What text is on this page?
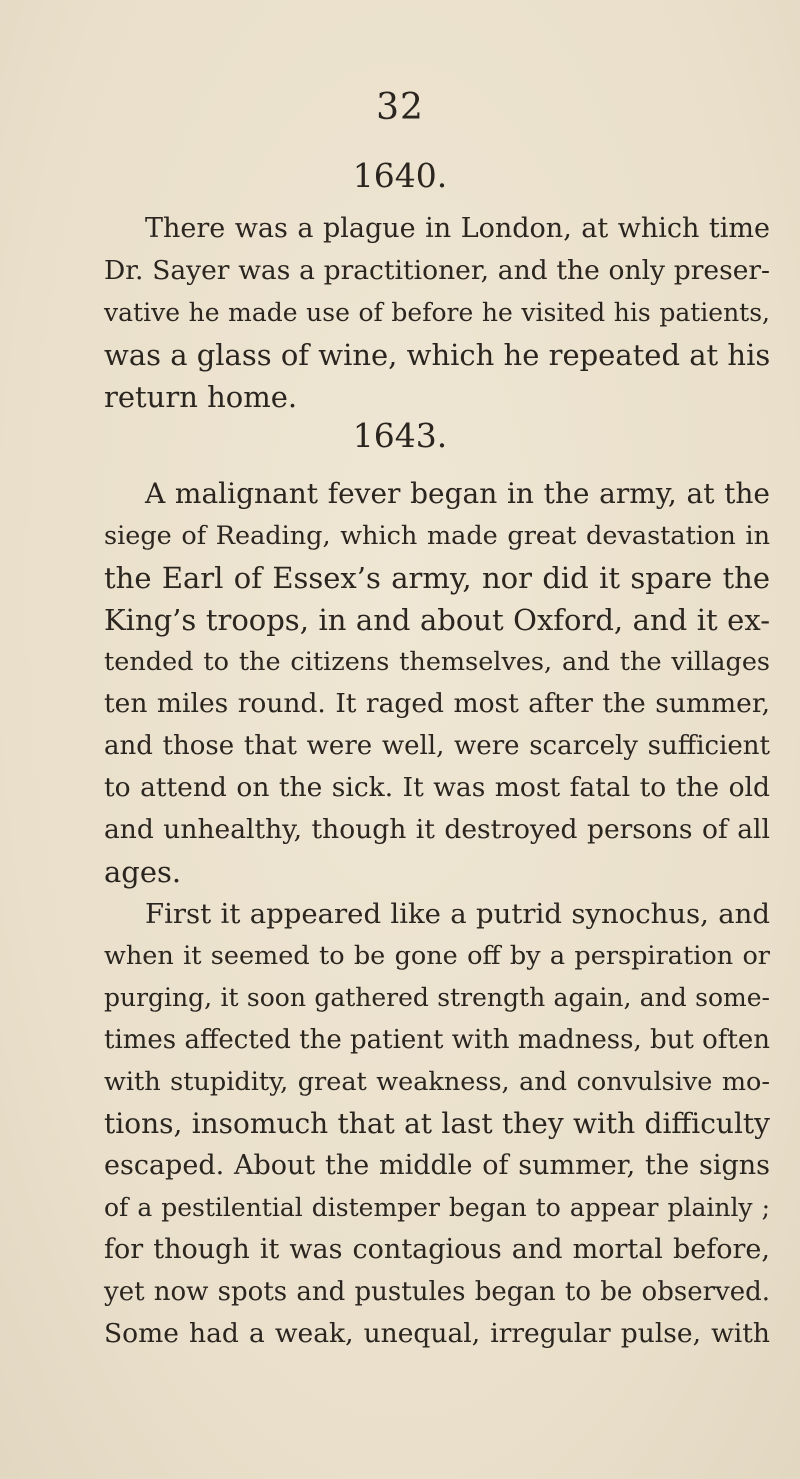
32
1640.
There was a plague in London, at which time
Dr. Sayer was a practitioner, and the only preser-
vative he made use of before he visited his patients,
was a glass of wine, which he repeated at his
return home.
1643.
A malignant fever began in the army, at the
siege of Reading, which made great devastation in
the Earl of Essex’s army, nor did it spare the
King’s troops, in and about Oxford, and it ex-
tended to the citizens themselves, and the villages
ten miles round. It raged most after the summer,
and those that were well, were scarcely sufficient
to attend on the sick. It was most fatal to the old
and unhealthy, though it destroyed persons of all
ages.
First it appeared like a putrid synochus, and
when it seemed to be gone off by a perspiration or
purging, it soon gathered strength again, and some-
times affected the patient with madness, but often
with stupidity, great weakness, and convulsive mo-
tions, insomuch that at last they with difficulty
escaped. About the middle of summer, the signs
of a pestilential distemper began to appear plainly ;
for though it was contagious and mortal before,
yet now spots and pustules began to be observed.
Some had a weak, unequal, irregular pulse, with
